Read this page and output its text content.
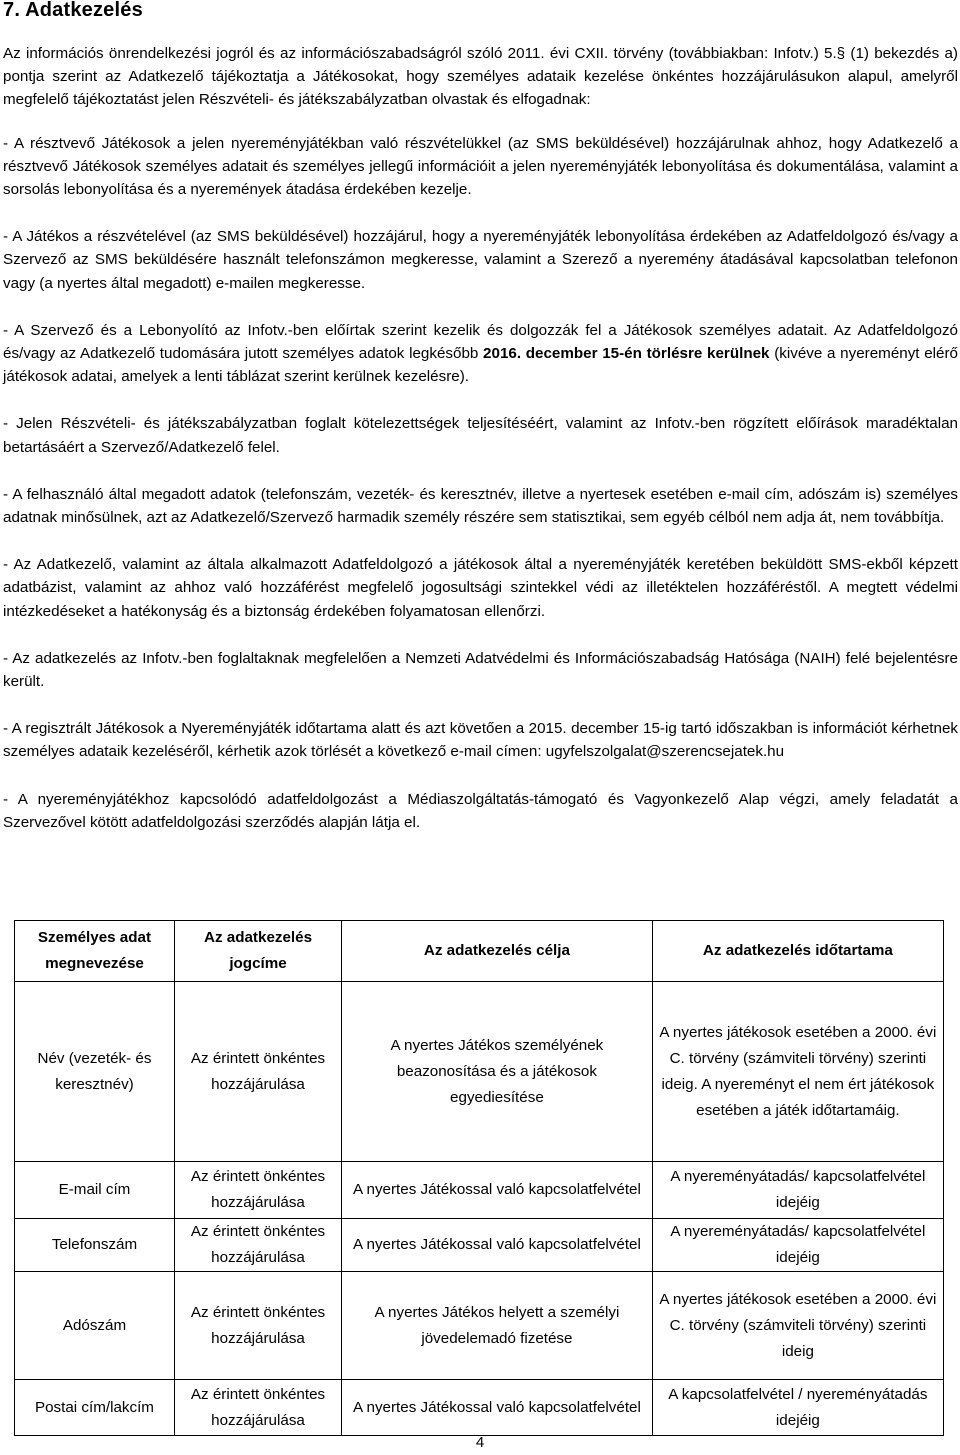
7. Adatkezelés

Az információs önrendelkezési jogról és az információszabadságról szóló 2011. évi CXII. törvény (továbbiakban: Infotv.) 5.§ (1) bekezdés a) pontja szerint az Adatkezelő tájékoztatja a Játékosokat, hogy személyes adataik kezelése önkéntes hozzájárulásukon alapul, amelyről megfelelő tájékoztatást jelen Részvételi- és játékszabályzatban olvastak és elfogadnak:

- A résztvevő Játékosok a jelen nyereményjátékban való részvételükkel (az SMS beküldésével) hozzájárulnak ahhoz, hogy Adatkezelő a résztvevő Játékosok személyes adatait és személyes jellegű információit a jelen nyereményjáték lebonyolítása és dokumentálása, valamint a sorsolás lebonyolítása és a nyeremények átadása érdekében kezelje.

- A Játékos a részvételével (az SMS beküldésével) hozzájárul, hogy a nyereményjáték lebonyolítása érdekében az Adatfeldolgozó és/vagy a Szervező az SMS beküldésére használt telefonszámon megkeresse, valamint a Szerező a nyeremény átadásával kapcsolatban telefonon vagy (a nyertes által megadott) e-mailen megkeresse.

- A Szervező és a Lebonyolító az Infotv.-ben előírtak szerint kezelik és dolgozzák fel a Játékosok személyes adatait. Az Adatfeldolgozó és/vagy az Adatkezelő tudomására jutott személyes adatok legkésőbb 2016. december 15-én törlésre kerülnek (kivéve a nyereményt elérő játékosok adatai, amelyek a lenti táblázat szerint kerülnek kezelésre).

- Jelen Részvételi- és játékszabályzatban foglalt kötelezettségek teljesítéséért, valamint az Infotv.-ben rögzített előírások maradéktalan betartásáért a Szervező/Adatkezelő felel.

- A felhasználó által megadott adatok (telefonszám, vezeték- és keresztnév, illetve a nyertesek esetében e-mail cím, adószám is) személyes adatnak minősülnek, azt az Adatkezelő/Szervező harmadik személy részére sem statisztikai, sem egyéb célból nem adja át, nem továbbítja.

- Az Adatkezelő, valamint az általa alkalmazott Adatfeldolgozó a játékosok által a nyereményjáték keretében beküldött SMS-ekből képzett adatbázist, valamint az ahhoz való hozzáférést megfelelő jogosultsági szintekkel védi az illetéktelen hozzáféréstől. A megtett védelmi intézkedéseket a hatékonyság és a biztonság érdekében folyamatosan ellenőrzi.

- Az adatkezelés az Infotv.-ben foglaltaknak megfelelően a Nemzeti Adatvédelmi és Információszabadság Hatósága (NAIH) felé bejelentésre került.

- A regisztrált Játékosok a Nyereményjáték időtartama alatt és azt követően a 2015. december 15-ig tartó időszakban is információt kérhetnek személyes adataik kezeléséről, kérhetik azok törlését a következő e-mail címen: ugyfelszolgalat@szerencsejatek.hu

- A nyereményjátékhoz kapcsolódó adatfeldolgozást a Médiaszolgáltatás-támogató és Vagyonkezelő Alap végzi, amely feladatát a Szervezővel kötött adatfeldolgozási szerződés alapján látja el.

Személyes adat megnevezése	Az adatkezelés jogcíme	Az adatkezelés célja	Az adatkezelés időtartama
Név (vezeték- és keresztnév)	Az érintett önkéntes hozzájárulása	A nyertes Játékos személyének beazonosítása és a játékosok egyediesítése	A nyertes játékosok esetében a 2000. évi C. törvény (számviteli törvény) szerinti ideig. A nyereményt el nem ért játékosok esetében a játék időtartamáig.
E-mail cím	Az érintett önkéntes hozzájárulása	A nyertes Játékossal való kapcsolatfelvétel	A nyereményátadás/ kapcsolatfelvétel idejéig
Telefonszám	Az érintett önkéntes hozzájárulása	A nyertes Játékossal való kapcsolatfelvétel	A nyereményátadás/ kapcsolatfelvétel idejéig
Adószám	Az érintett önkéntes hozzájárulása	A nyertes Játékos helyett a személyi jövedelemadó fizetése	A nyertes játékosok esetében a 2000. évi C. törvény (számviteli törvény) szerinti ideig
Postai cím/lakcím	Az érintett önkéntes hozzájárulása	A nyertes Játékossal való kapcsolatfelvétel	A kapcsolatfelvétel / nyereményátadás idejéig
4
